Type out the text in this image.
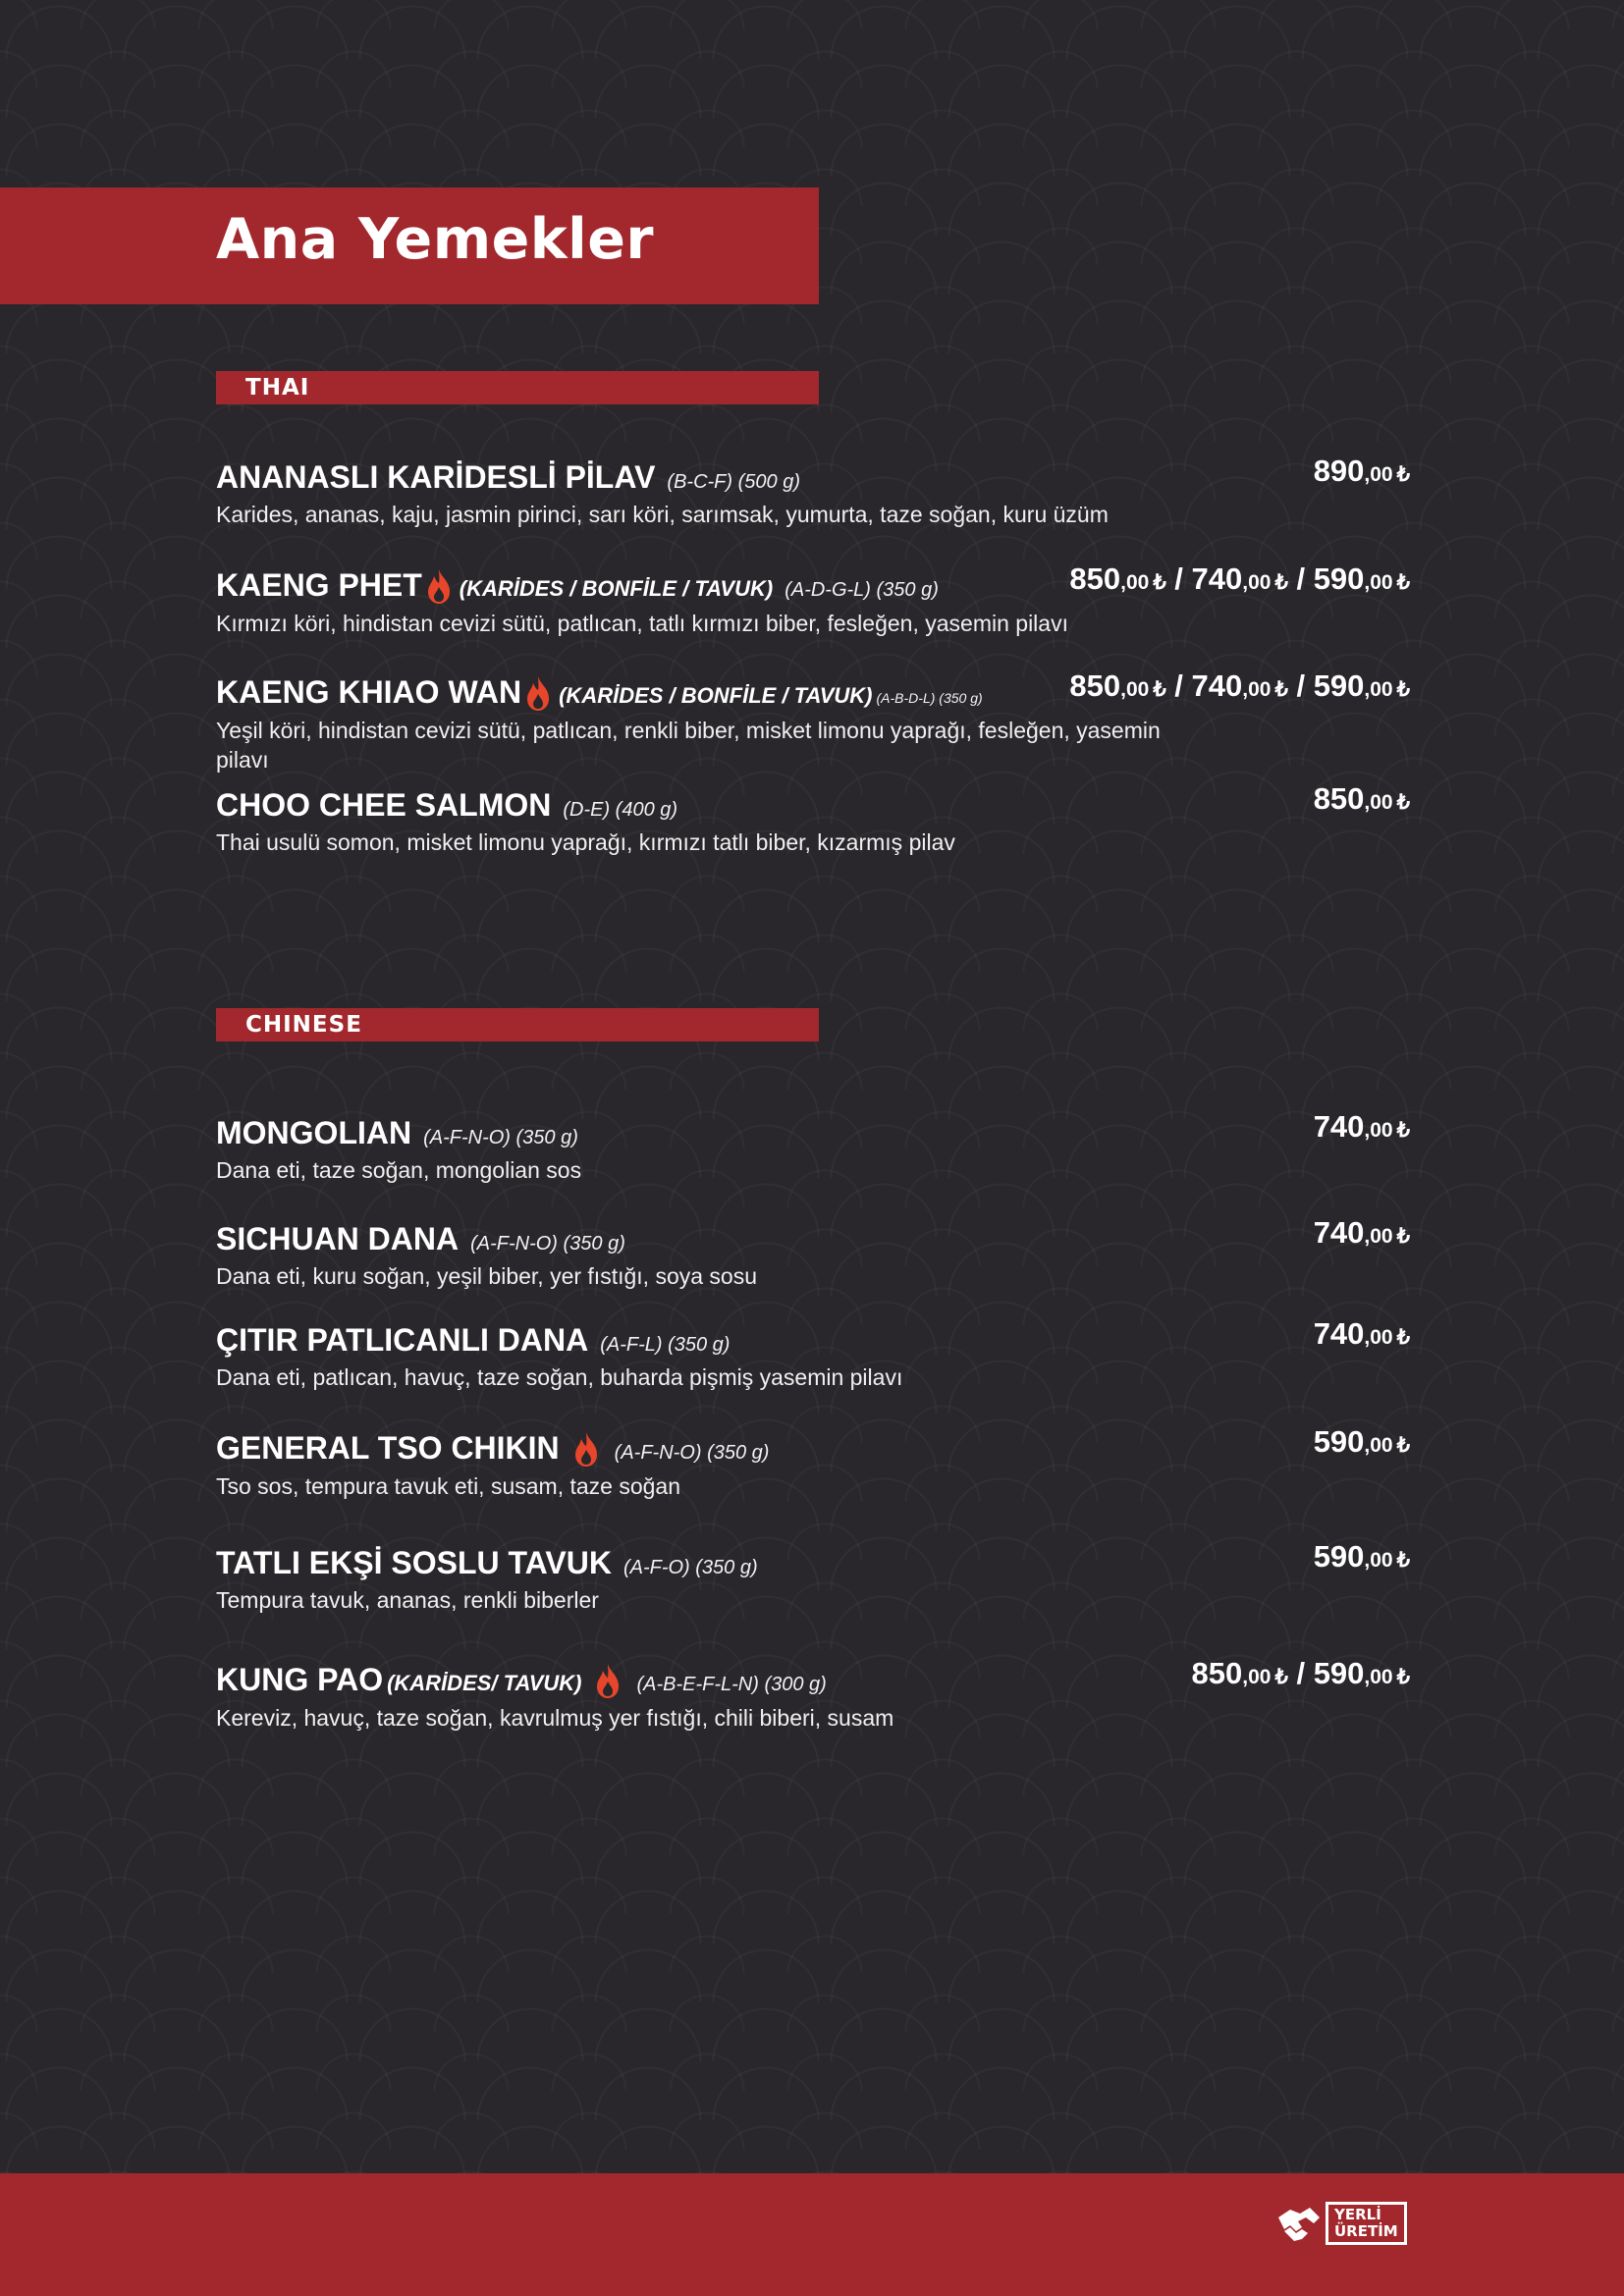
Ana Yemekler
THAI
ANANASLI KARİDESLİ PİLAV (B-C-F) (500 g)
Karides, ananas, kaju, jasmin pirinci, sarı köri, sarımsak, yumurta, taze soğan, kuru üzüm
890,00 ₺
KAENG PHET (KARİDES / BONFİLE / TAVUK) (A-D-G-L) (350 g)
Kırmızı köri, hindistan cevizi sütü, patlıcan, tatlı kırmızı biber, fesleğen, yasemin pilavı
850,00 ₺ / 740,00 ₺ / 590,00 ₺
KAENG KHIAO WAN (KARİDES / BONFİLE / TAVUK) (A-B-D-L) (350 g)
Yeşil köri, hindistan cevizi sütü, patlıcan, renkli biber, misket limonu yaprağı, fesleğen, yasemin pilavı
850,00 ₺ / 740,00 ₺ / 590,00 ₺
CHOO CHEE SALMON (D-E) (400 g)
Thai usulü somon, misket limonu yaprağı, kırmızı tatlı biber, kızarmış pilav
850,00 ₺
CHINESE
MONGOLIAN (A-F-N-O) (350 g)
Dana eti, taze soğan, mongolian sos
740,00 ₺
SICHUAN DANA (A-F-N-O) (350 g)
Dana eti, kuru soğan, yeşil biber, yer fıstığı, soya sosu
740,00 ₺
ÇITIR PATLICANLI DANA (A-F-L) (350 g)
Dana eti, patlıcan, havuç, taze soğan, buharda pişmiş yasemin pilavı
740,00 ₺
GENERAL TSO CHIKIN	(A-F-N-O) (350 g)
Tso sos, tempura tavuk eti, susam, taze soğan
590,00 ₺
TATLI EKŞİ SOSLU TAVUK (A-F-O) (350 g)
Tempura tavuk, ananas, renkli biberler
590,00 ₺
KUNG PAO (KARİDES/ TAVUK)	(A-B-E-F-L-N) (300 g)
Kereviz, havuç, taze soğan, kavrulmuş yer fıstığı, chili biberi, susam
850,00 ₺ / 590,00 ₺
YERLİ
ÜRETİM
